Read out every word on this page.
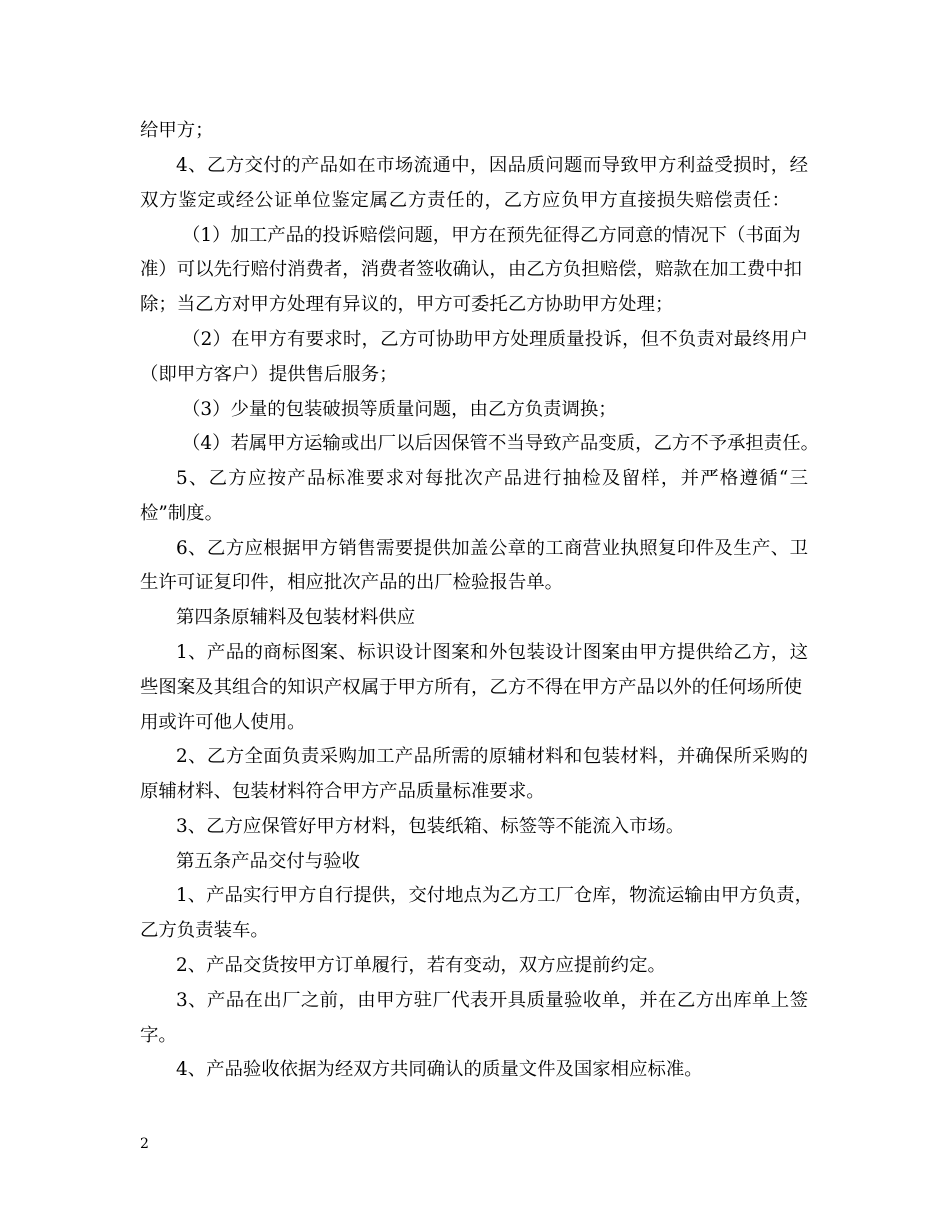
给甲方；
4、乙方交付的产品如在市场流通中，因品质问题而导致甲方利益受损时，经
双方鉴定或经公证单位鉴定属乙方责任的，乙方应负甲方直接损失赔偿责任：
（1）加工产品的投诉赔偿问题，甲方在预先征得乙方同意的情况下（书面为
准）可以先行赔付消费者，消费者签收确认，由乙方负担赔偿，赔款在加工费中扣
除；当乙方对甲方处理有异议的，甲方可委托乙方协助甲方处理；
（2）在甲方有要求时，乙方可协助甲方处理质量投诉，但不负责对最终用户
（即甲方客户）提供售后服务；
（3）少量的包装破损等质量问题，由乙方负责调换；
（4）若属甲方运输或出厂以后因保管不当导致产品变质，乙方不予承担责任。
5、乙方应按产品标准要求对每批次产品进行抽检及留样，并严格遵循“三
检”制度。
6、乙方应根据甲方销售需要提供加盖公章的工商营业执照复印件及生产、卫
生许可证复印件，相应批次产品的出厂检验报告单。
第四条原辅料及包装材料供应
1、产品的商标图案、标识设计图案和外包装设计图案由甲方提供给乙方，这
些图案及其组合的知识产权属于甲方所有，乙方不得在甲方产品以外的任何场所使
用或许可他人使用。
2、乙方全面负责采购加工产品所需的原辅材料和包装材料，并确保所采购的
原辅材料、包装材料符合甲方产品质量标准要求。
3、乙方应保管好甲方材料，包装纸箱、标签等不能流入市场。
第五条产品交付与验收
1、产品实行甲方自行提供，交付地点为乙方工厂仓库，物流运输由甲方负责，
乙方负责装车。
2、产品交货按甲方订单履行，若有变动，双方应提前约定。
3、产品在出厂之前，由甲方驻厂代表开具质量验收单，并在乙方出库单上签
字。
4、产品验收依据为经双方共同确认的质量文件及国家相应标准。
2
